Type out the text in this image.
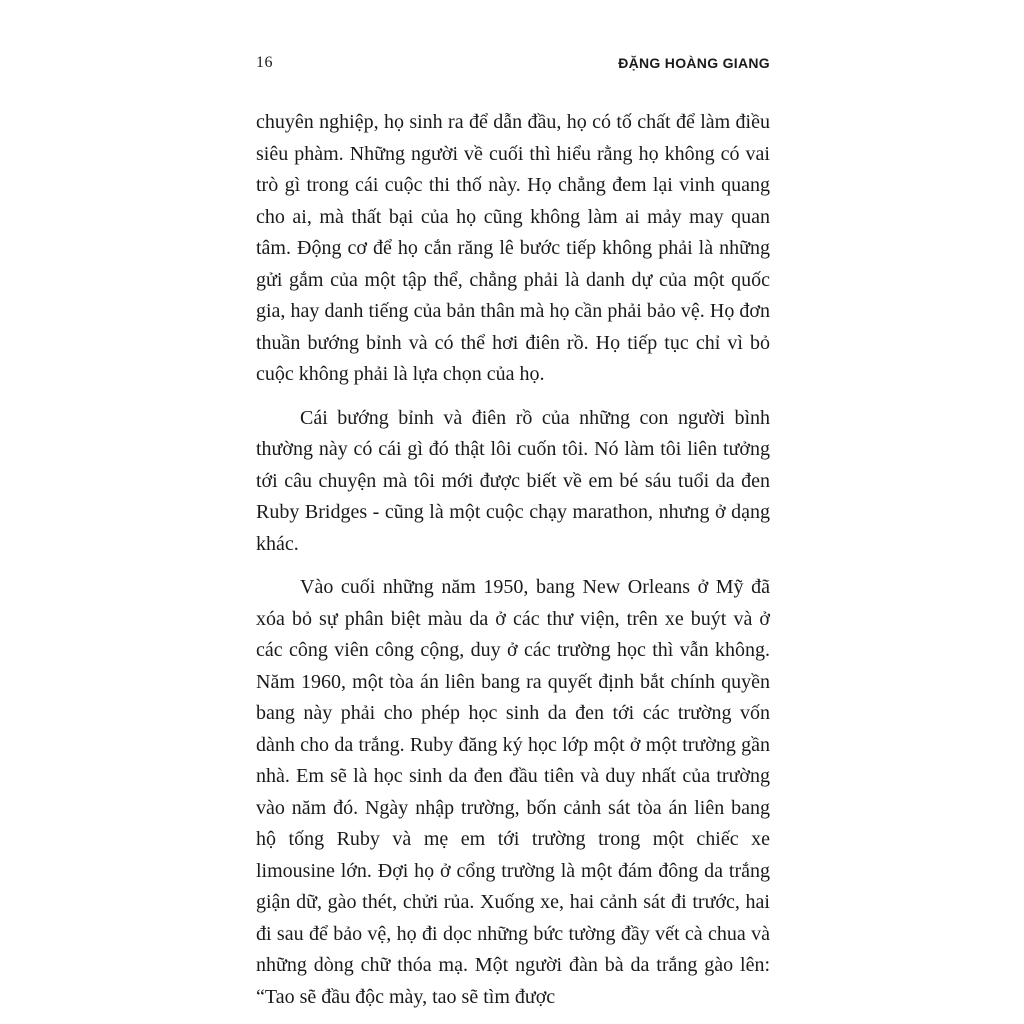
16	ĐẶNG HOÀNG GIANG

chuyên nghiệp, họ sinh ra để dẫn đầu, họ có tố chất để làm điều siêu phàm. Những người về cuối thì hiểu rằng họ không có vai trò gì trong cái cuộc thi thố này. Họ chẳng đem lại vinh quang cho ai, mà thất bại của họ cũng không làm ai mảy may quan tâm. Động cơ để họ cắn răng lê bước tiếp không phải là những gửi gắm của một tập thể, chẳng phải là danh dự của một quốc gia, hay danh tiếng của bản thân mà họ cần phải bảo vệ. Họ đơn thuần bướng bỉnh và có thể hơi điên rồ. Họ tiếp tục chỉ vì bỏ cuộc không phải là lựa chọn của họ.

Cái bướng bỉnh và điên rồ của những con người bình thường này có cái gì đó thật lôi cuốn tôi. Nó làm tôi liên tưởng tới câu chuyện mà tôi mới được biết về em bé sáu tuổi da đen Ruby Bridges - cũng là một cuộc chạy marathon, nhưng ở dạng khác.

Vào cuối những năm 1950, bang New Orleans ở Mỹ đã xóa bỏ sự phân biệt màu da ở các thư viện, trên xe buýt và ở các công viên công cộng, duy ở các trường học thì vẫn không. Năm 1960, một tòa án liên bang ra quyết định bắt chính quyền bang này phải cho phép học sinh da đen tới các trường vốn dành cho da trắng. Ruby đăng ký học lớp một ở một trường gần nhà. Em sẽ là học sinh da đen đầu tiên và duy nhất của trường vào năm đó. Ngày nhập trường, bốn cảnh sát tòa án liên bang hộ tống Ruby và mẹ em tới trường trong một chiếc xe limousine lớn. Đợi họ ở cổng trường là một đám đông da trắng giận dữ, gào thét, chửi rủa. Xuống xe, hai cảnh sát đi trước, hai đi sau để bảo vệ, họ đi dọc những bức tường đầy vết cà chua và những dòng chữ thóa mạ. Một người đàn bà da trắng gào lên: “Tao sẽ đầu độc mày, tao sẽ tìm được
